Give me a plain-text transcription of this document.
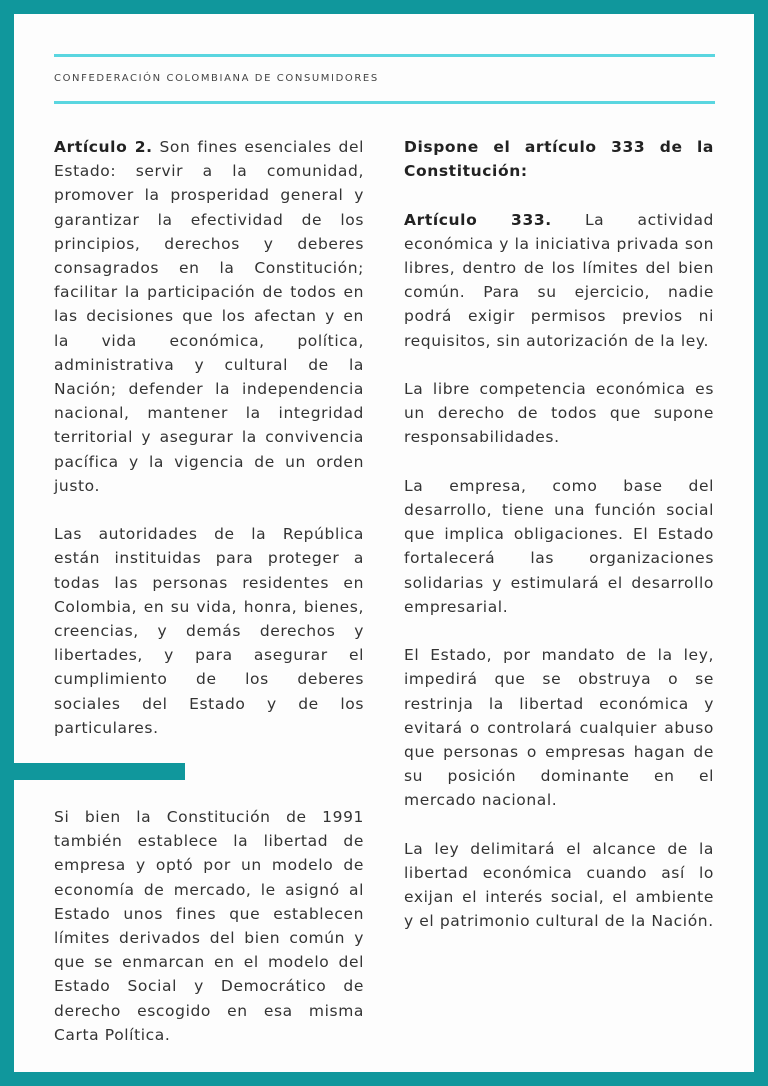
CONFEDERACIÓN COLOMBIANA DE CONSUMIDORES

Artículo 2. Son fines esenciales del Estado: servir a la comunidad, promover la prosperidad general y garantizar la efectividad de los principios, derechos y deberes consagrados en la Constitución; facilitar la participación de todos en las decisiones que los afectan y en la vida económica, política, administrativa y cultural de la Nación; defender la independencia nacional, mantener la integridad territorial y asegurar la convivencia pacífica y la vigencia de un orden justo.

Las autoridades de la República están instituidas para proteger a todas las personas residentes en Colombia, en su vida, honra, bienes, creencias, y demás derechos y libertades, y para asegurar el cumplimiento de los deberes sociales del Estado y de los particulares.

Si bien la Constitución de 1991 también establece la libertad de empresa y optó por un modelo de economía de mercado, le asignó al Estado unos fines que establecen límites derivados del bien común y que se enmarcan en el modelo del Estado Social y Democrático de derecho escogido en esa misma Carta Política.

Dispone el artículo 333 de la Constitución:

Artículo 333. La actividad económica y la iniciativa privada son libres, dentro de los límites del bien común. Para su ejercicio, nadie podrá exigir permisos previos ni requisitos, sin autorización de la ley.

La libre competencia económica es un derecho de todos que supone responsabilidades.

La empresa, como base del desarrollo, tiene una función social que implica obligaciones. El Estado fortalecerá las organizaciones solidarias y estimulará el desarrollo empresarial.

El Estado, por mandato de la ley, impedirá que se obstruya o se restrinja la libertad económica y evitará o controlará cualquier abuso que personas o empresas hagan de su posición dominante en el mercado nacional.

La ley delimitará el alcance de la libertad económica cuando así lo exijan el interés social, el ambiente y el patrimonio cultural de la Nación.
